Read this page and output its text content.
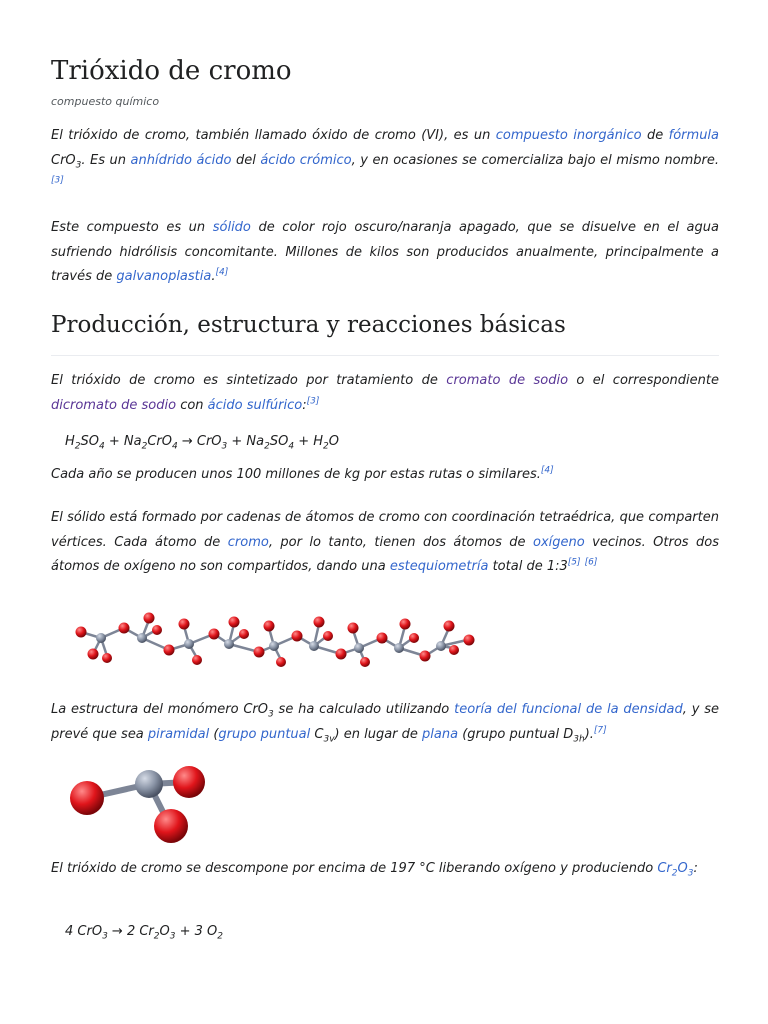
Trióxido de cromo
compuesto químico
El trióxido de cromo, también llamado óxido de cromo (VI), es un compuesto inorgánico de fórmula CrO$_3$. Es un anhídrido ácido del ácido crómico, y en ocasiones se comercializa bajo el mismo nombre.[3]
Este compuesto es un sólido de color rojo oscuro/naranja apagado, que se disuelve en el agua sufriendo hidrólisis concomitante. Millones de kilos son producidos anualmente, principalmente a través de galvanoplastia.[4]
Producción, estructura y reacciones básicas
El trióxido de cromo es sintetizado por tratamiento de cromato de sodio o el correspondiente dicromato de sodio con ácido sulfúrico:[3]
$H_2SO_4 + Na_2CrO_4 \to CrO_3 + Na_2SO_4 + H_2O$
Cada año se producen unos 100 millones de kg por estas rutas o similares.[4]
El sólido está formado por cadenas de átomos de cromo con coordinación tetraédrica, que comparten vértices. Cada átomo de cromo, por lo tanto, tienen dos átomos de oxígeno vecinos. Otros dos átomos de oxígeno no son compartidos, dando una estequiometría total de 1:3[5] [6]
La estructura del monómero CrO$_3$ se ha calculado utilizando teoría del funcional de la densidad, y se prevé que sea piramidal (grupo puntual $C_{3v}$) en lugar de plana (grupo puntual $D_{3h}).[7]$
El trióxido de cromo se descompone por encima de 197 °C liberando oxígeno y produciendo $Cr_2O_3$:
4 CrO$_3$ → 2 $Cr_2O_3 + 3$ $O_2$
